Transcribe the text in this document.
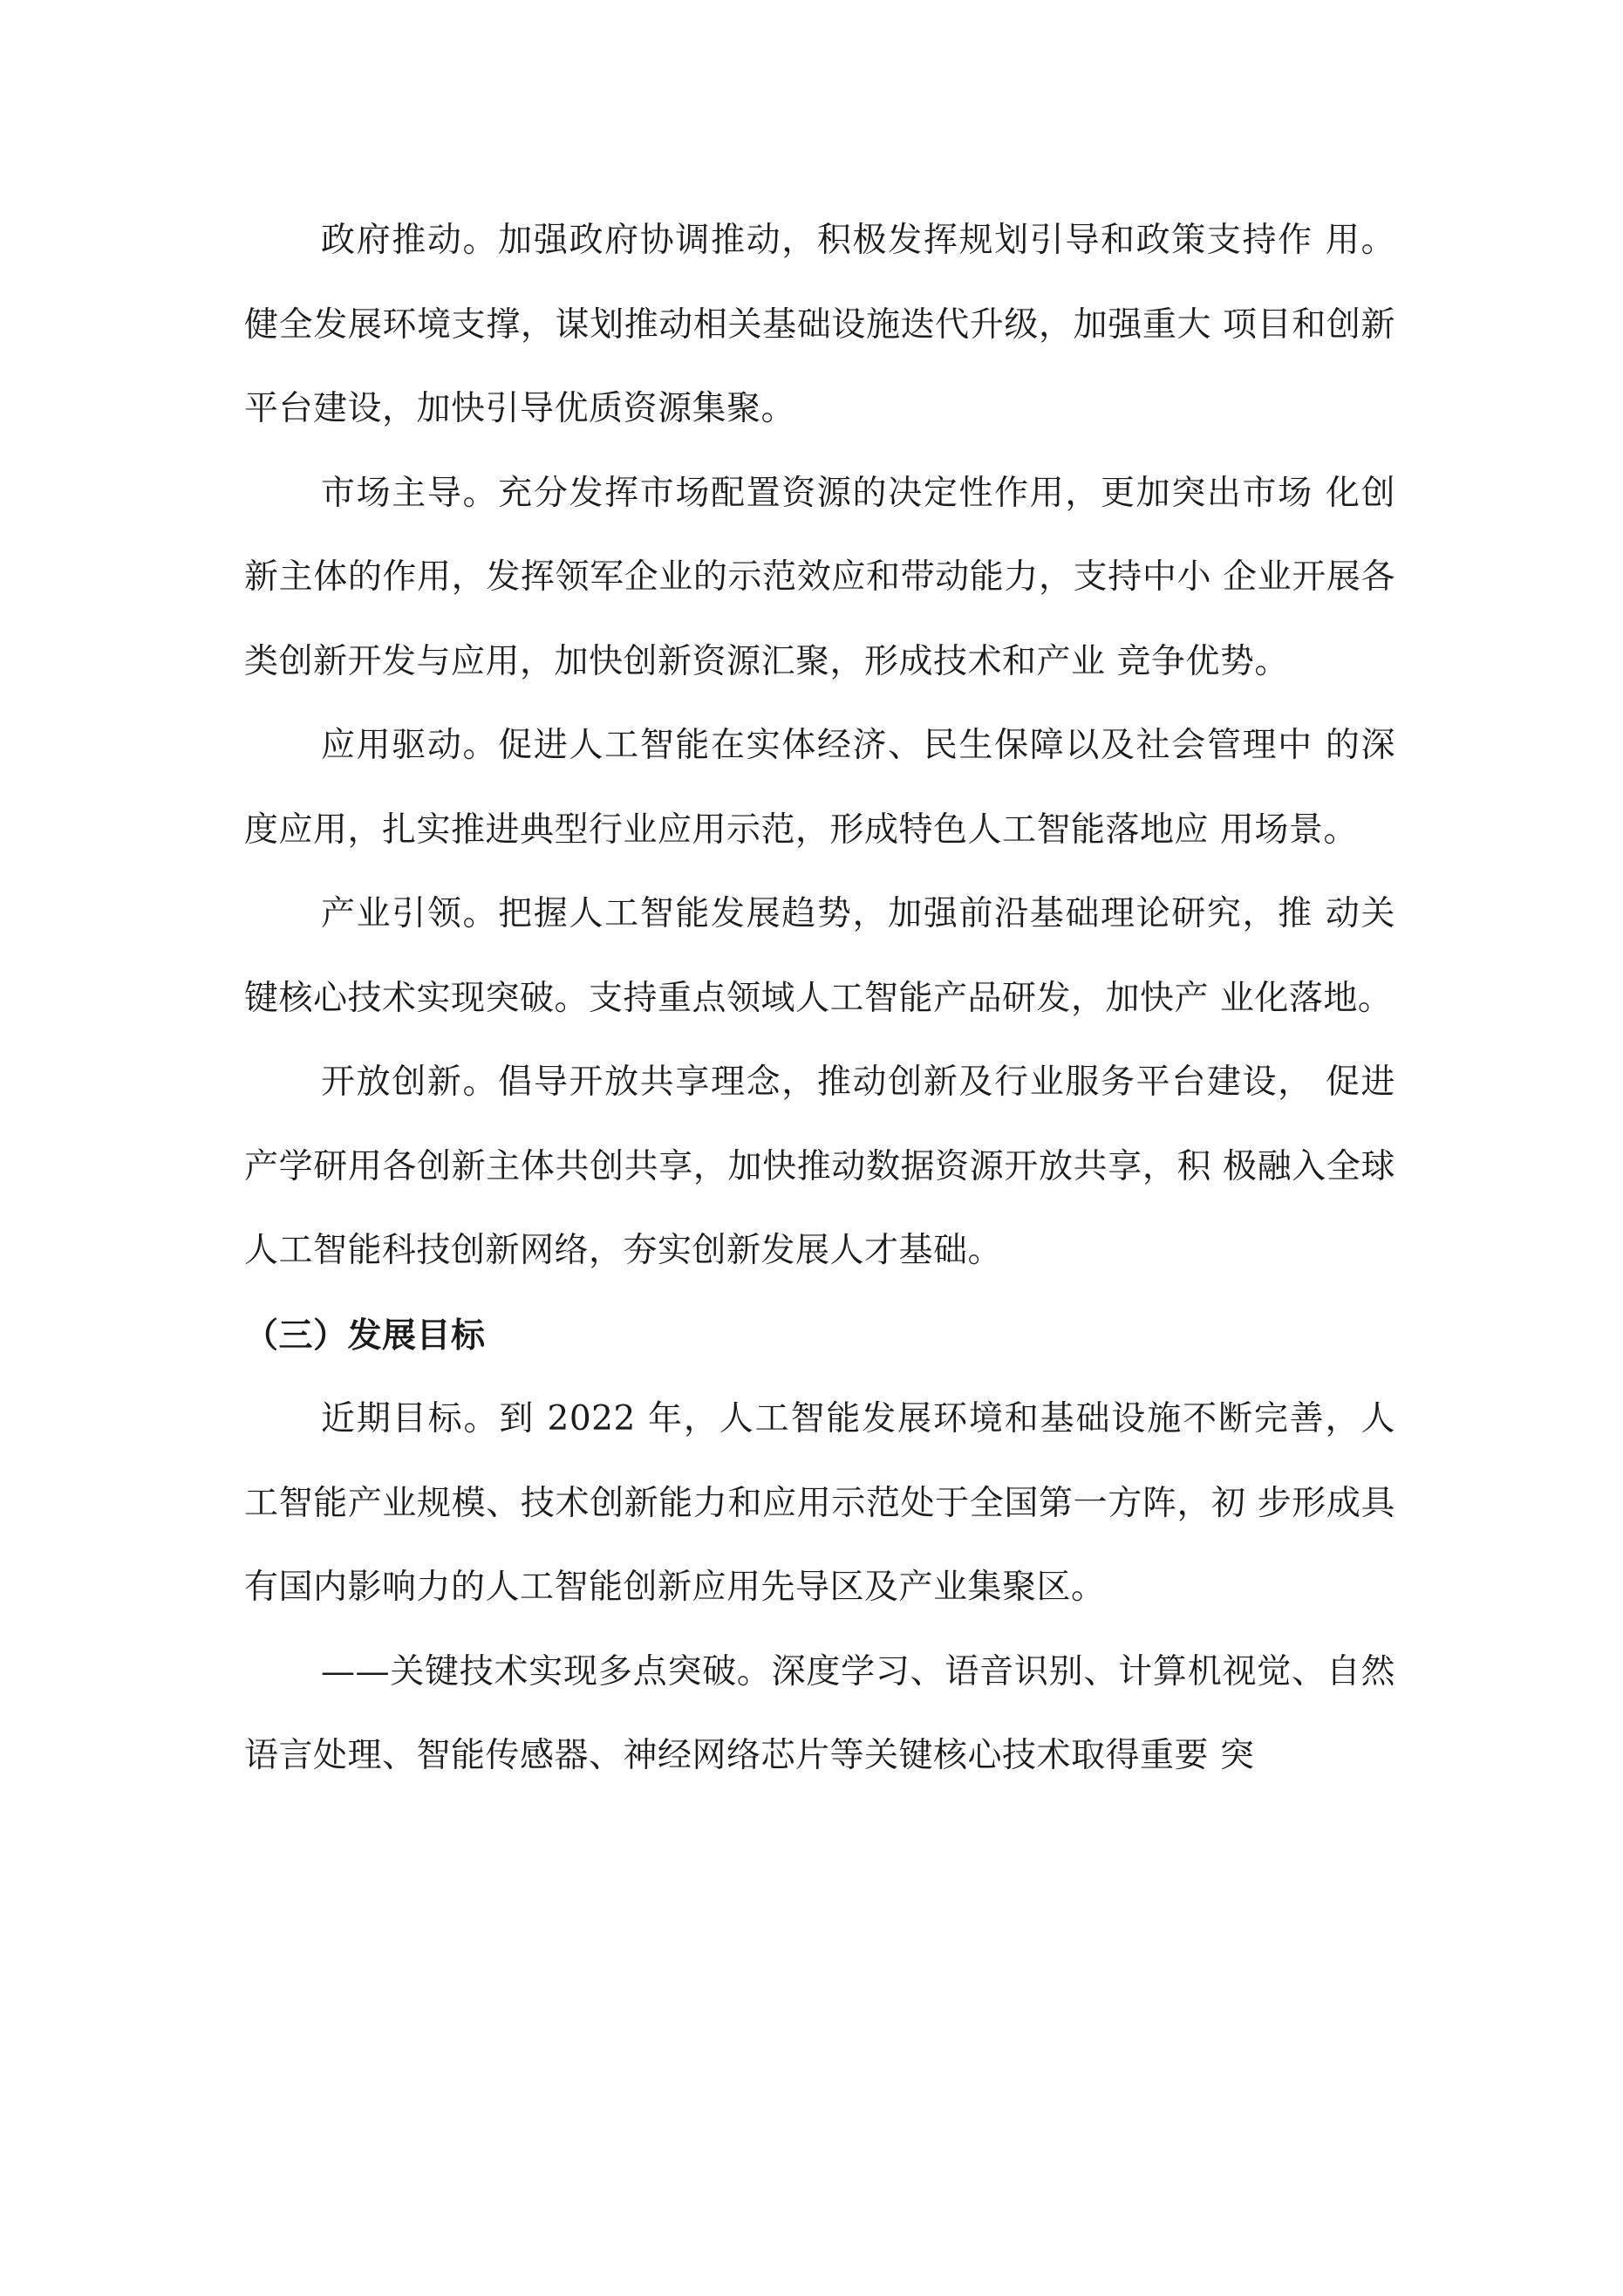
政府推动。加强政府协调推动，积极发挥规划引导和政策支持作 用。健全发展环境支撑，谋划推动相关基础设施迭代升级，加强重大 项目和创新平台建设，加快引导优质资源集聚。

市场主导。充分发挥市场配置资源的决定性作用，更加突出市场 化创新主体的作用，发挥领军企业的示范效应和带动能力，支持中小 企业开展各类创新开发与应用，加快创新资源汇聚，形成技术和产业 竞争优势。

应用驱动。促进人工智能在实体经济、民生保障以及社会管理中 的深度应用，扎实推进典型行业应用示范，形成特色人工智能落地应 用场景。

产业引领。把握人工智能发展趋势，加强前沿基础理论研究，推 动关键核心技术实现突破。支持重点领域人工智能产品研发，加快产 业化落地。

开放创新。倡导开放共享理念，推动创新及行业服务平台建设， 促进产学研用各创新主体共创共享，加快推动数据资源开放共享，积 极融入全球人工智能科技创新网络，夯实创新发展人才基础。

（三）发展目标

近期目标。到 2022 年，人工智能发展环境和基础设施不断完善，人工智能产业规模、技术创新能力和应用示范处于全国第一方阵，初 步形成具有国内影响力的人工智能创新应用先导区及产业集聚区。

——关键技术实现多点突破。深度学习、语音识别、计算机视觉、自然语言处理、智能传感器、神经网络芯片等关键核心技术取得重要 突
